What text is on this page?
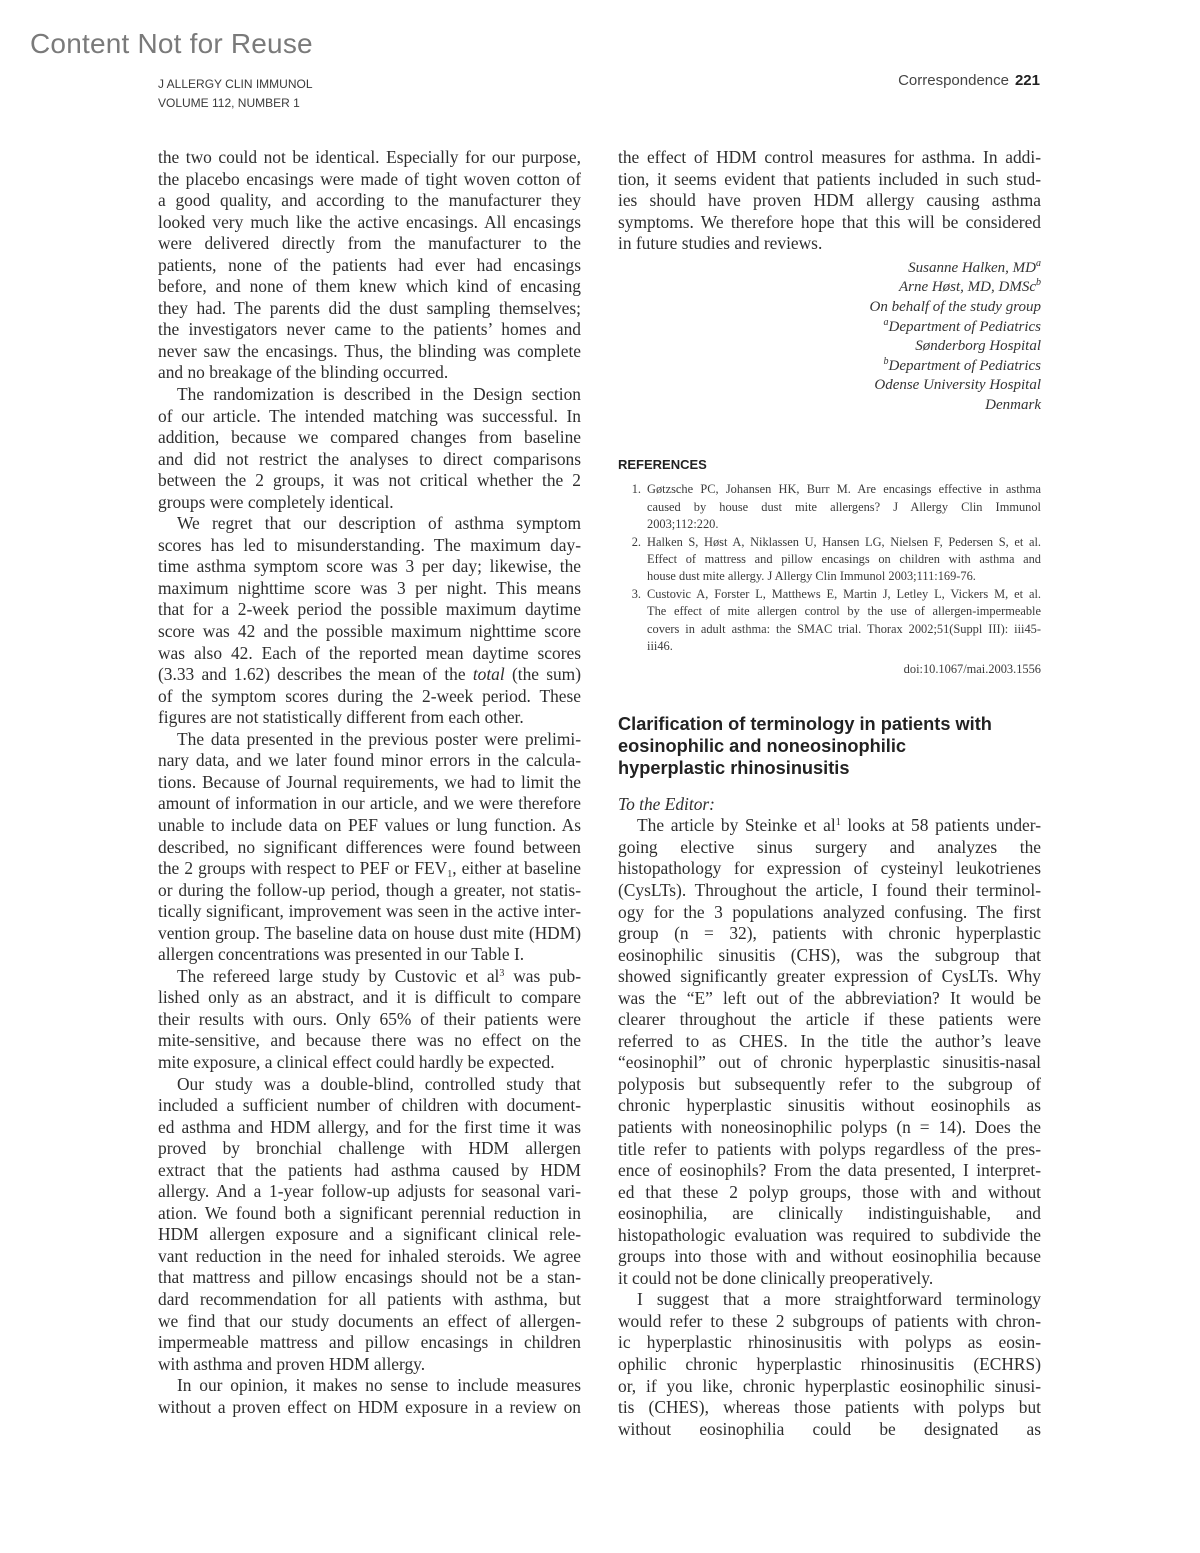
Content Not for Reuse
J ALLERGY CLIN IMMUNOL
VOLUME 112, NUMBER 1
Correspondence 221
the two could not be identical. Especially for our purpose,
the placebo encasings were made of tight woven cotton of
a good quality, and according to the manufacturer they
looked very much like the active encasings. All encasings
were delivered directly from the manufacturer to the
patients, none of the patients had ever had encasings
before, and none of them knew which kind of encasing
they had. The parents did the dust sampling themselves;
the investigators never came to the patients’ homes and
never saw the encasings. Thus, the blinding was complete
and no breakage of the blinding occurred.
The randomization is described in the Design section
of our article. The intended matching was successful. In
addition, because we compared changes from baseline
and did not restrict the analyses to direct comparisons
between the 2 groups, it was not critical whether the 2
groups were completely identical.
We regret that our description of asthma symptom
scores has led to misunderstanding. The maximum day-
time asthma symptom score was 3 per day; likewise, the
maximum nighttime score was 3 per night. This means
that for a 2-week period the possible maximum daytime
score was 42 and the possible maximum nighttime score
was also 42. Each of the reported mean daytime scores
(3.33 and 1.62) describes the mean of the total (the sum)
of the symptom scores during the 2-week period. These
figures are not statistically different from each other.
The data presented in the previous poster were prelimi-
nary data, and we later found minor errors in the calcula-
tions. Because of Journal requirements, we had to limit the
amount of information in our article, and we were therefore
unable to include data on PEF values or lung function. As
described, no significant differences were found between
the 2 groups with respect to PEF or $FEV_1$, either at baseline
or during the follow-up period, though a greater, not statis-
tically significant, improvement was seen in the active inter-
vention group. The baseline data on house dust mite (HDM)
allergen concentrations was presented in our Table I.
The refereed large study by Custovic et $al^3$ was pub-
lished only as an abstract, and it is difficult to compare
their results with ours. Only 65% of their patients were
mite-sensitive, and because there was no effect on the
mite exposure, a clinical effect could hardly be expected.
Our study was a double-blind, controlled study that
included a sufficient number of children with document-
ed asthma and HDM allergy, and for the first time it was
proved by bronchial challenge with HDM allergen
extract that the patients had asthma caused by HDM
allergy. And a 1-year follow-up adjusts for seasonal vari-
ation. We found both a significant perennial reduction in
HDM allergen exposure and a significant clinical rele-
vant reduction in the need for inhaled steroids. We agree
that mattress and pillow encasings should not be a stan-
dard recommendation for all patients with asthma, but
we find that our study documents an effect of allergen-
impermeable mattress and pillow encasings in children
with asthma and proven HDM allergy.
In our opinion, it makes no sense to include measures
without a proven effect on HDM exposure in a review on
the effect of HDM control measures for asthma. In addi-
tion, it seems evident that patients included in such stud-
ies should have proven HDM allergy causing asthma
symptoms. We therefore hope that this will be considered
in future studies and reviews.
Susanne Halken, $MD^a$
Arne Høst, MD, DMSc$^b$
On behalf of the study group
$^a$Department of Pediatrics
Sønderborg Hospital
$^b$Department of Pediatrics
Odense University Hospital
Denmark
REFERENCES
1. Gøtzsche PC, Johansen HK, Burr M. Are encasings effective in asthma
caused by house dust mite allergens? J Allergy Clin Immunol
2003;112:220.
2. Halken S, Høst A, Niklassen U, Hansen LG, Nielsen F, Pedersen S, et al.
Effect of mattress and pillow encasings on children with asthma and
house dust mite allergy. J Allergy Clin Immunol 2003;111:169-76.
3. Custovic A, Forster L, Matthews E, Martin J, Letley L, Vickers M, et al.
The effect of mite allergen control by the use of allergen-impermeable
covers in adult asthma: the SMAC trial. Thorax 2002;51(Suppl III): iii45-
iii46.
doi:10.1067/mai.2003.1556
Clarification of terminology in patients with
eosinophilic and noneosinophilic
hyperplastic rhinosinusitis
To the Editor:
The article by Steinke et $al^1$ looks at 58 patients under-
going elective sinus surgery and analyzes the
histopathology for expression of cysteinyl leukotrienes
(CysLTs). Throughout the article, I found their terminol-
ogy for the 3 populations analyzed confusing. The first
group (n = 32), patients with chronic hyperplastic
eosinophilic sinusitis (CHS), was the subgroup that
showed significantly greater expression of CysLTs. Why
was the “E” left out of the abbreviation? It would be
clearer throughout the article if these patients were
referred to as CHES. In the title the author’s leave
“eosinophil” out of chronic hyperplastic sinusitis-nasal
polyposis but subsequently refer to the subgroup of
chronic hyperplastic sinusitis without eosinophils as
patients with noneosinophilic polyps (n = 14). Does the
title refer to patients with polyps regardless of the pres-
ence of eosinophils? From the data presented, I interpret-
ed that these 2 polyp groups, those with and without
eosinophilia, are clinically indistinguishable, and
histopathologic evaluation was required to subdivide the
groups into those with and without eosinophilia because
it could not be done clinically preoperatively.
I suggest that a more straightforward terminology
would refer to these 2 subgroups of patients with chron-
ic hyperplastic rhinosinusitis with polyps as eosin-
ophilic chronic hyperplastic rhinosinusitis (ECHRS)
or, if you like, chronic hyperplastic eosinophilic sinusi-
tis (CHES), whereas those patients with polyps but
without eosinophilia could be designated as
